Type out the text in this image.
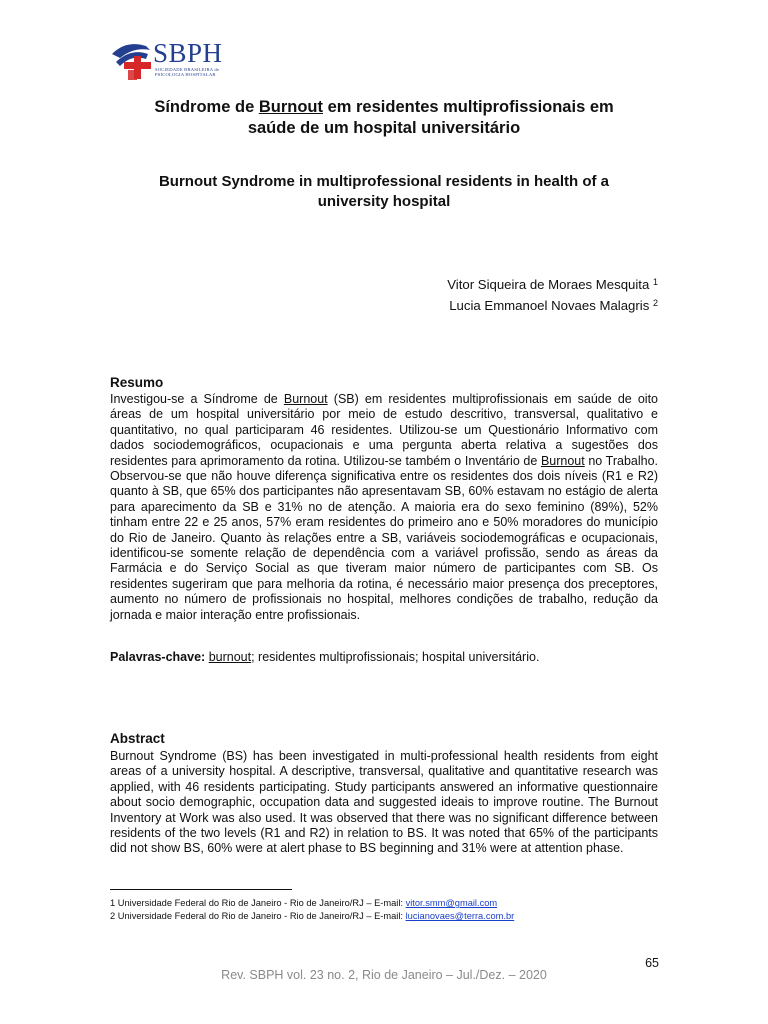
SBPH
SOCIEDADE BRASILEIRA de
PSICOLOGIA HOSPITALAR
Síndrome de Burnout em residentes multiprofissionais em
saúde de um hospital universitário
Burnout Syndrome in multiprofessional residents in health of a
university hospital
Vitor Siqueira de Moraes Mesquita $^1$
Lucia Emmanoel Novaes Malagris $^2$
Resumo

Investigou-se a Síndrome de Burnout (SB) em residentes multiprofissionais em saúde de oito áreas de um hospital universitário por meio de estudo descritivo, transversal, qualitativo e quantitativo, no qual participaram 46 residentes. Utilizou-se um Questionário Informativo com dados sociodemográficos, ocupacionais e uma pergunta aberta relativa a sugestões dos residentes para aprimoramento da rotina. Utilizou-se também o Inventário de Burnout no Trabalho. Observou-se que não houve diferença significativa entre os residentes dos dois níveis (R1 e R2) quanto à SB, que 65% dos participantes não apresentavam SB, 60% estavam no estágio de alerta para aparecimento da SB e 31% no de atenção. A maioria era do sexo feminino (89%), 52% tinham entre 22 e 25 anos, 57% eram residentes do primeiro ano e 50% moradores do município do Rio de Janeiro. Quanto às relações entre a SB, variáveis sociodemográficas e ocupacionais, identificou-se somente relação de dependência com a variável profissão, sendo as áreas da Farmácia e do Serviço Social as que tiveram maior número de participantes com SB. Os residentes sugeriram que para melhoria da rotina, é necessário maior presença dos preceptores, aumento no número de profissionais no hospital, melhores condições de trabalho, redução da jornada e maior interação entre profissionais.

Palavras-chave: burnout; residentes multiprofissionais; hospital universitário.

Abstract

Burnout Syndrome (BS) has been investigated in multi-professional health residents from eight areas of a university hospital. A descriptive, transversal, qualitative and quantitative research was applied, with 46 residents participating. Study participants answered an informative questionnaire about socio demographic, occupation data and suggested ideais to improve routine. The Burnout Inventory at Work was also used. It was observed that there was no significant difference between residents of the two levels (R1 and R2) in relation to BS. It was noted that 65% of the participants did not show BS, 60% were at alert phase to BS beginning and 31% were at attention phase.

1 Universidade Federal do Rio de Janeiro - Rio de Janeiro/RJ – E-mail: vitor.smm@gmail.com

2 Universidade Federal do Rio de Janeiro - Rio de Janeiro/RJ – E-mail: lucianovaes@terra.com.br

65
Rev. SBPH vol. 23 no. 2, Rio de Janeiro – Jul./Dez. – 2020
